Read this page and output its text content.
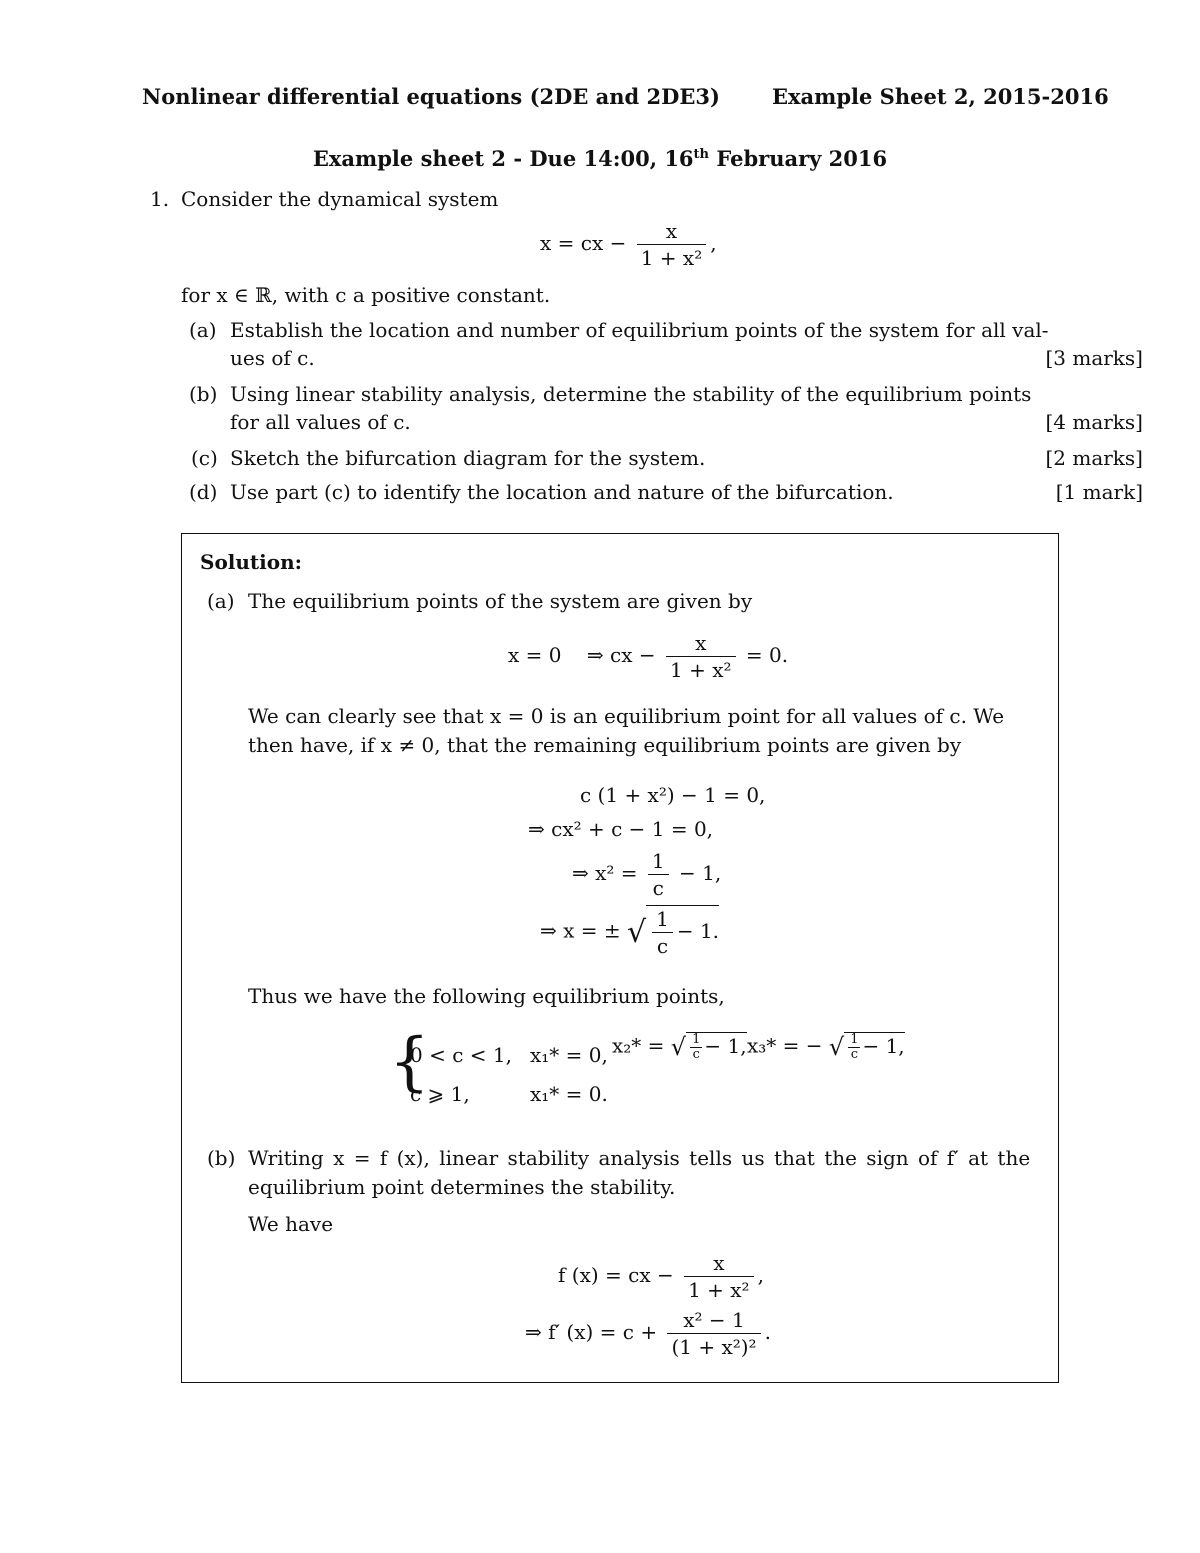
Nonlinear differential equations (2DE and 2DE3) Example Sheet 2, 2015-2016
Example sheet 2 - Due 14:00, 16th February 2016
1. Consider the dynamical system
x = cx − $\frac{x}{\text{1 + x²}}$ ,
for x ∈ ℝ, with c a positive constant.
(a) Establish the location and number of equilibrium points of the system for all val-
ues of c.	[3 marks]
(b) Using linear stability analysis, determine the stability of the equilibrium points
for all values of c.	[4 marks]
(c) Sketch the bifurcation diagram for the system.	[2 marks]
(d) Use part (c) to identify the location and nature of the bifurcation.	[1 mark]
Solution:
(a) The equilibrium points of the system are given by
x = 0 ⇒ cx − $\frac{x}{\text{1 + x²}} = 0$.
We can clearly see that x = 0 is an equilibrium point for all values of c. We
then have, if x ≠ 0, that the remaining equilibrium points are given by
c (1 + x²) − 1 = 0,
⇒ cx² + c − 1 = 0,
⇒ $x^2 = \frac{1}{c} - 1$,
⇒ x = ± √ $\frac{1}{c} - 1$.
Thus we have the following equilibrium points,
{
0 < c < 1, x₁* = 0, x₂* = √ $\frac{1}{c} - 1$, x₃* = − √ $\frac{1}{c} - 1$,
c ⩾ 1,	x₁* = 0.
(b) Writing x = f (x), linear stability analysis tells us that the sign of f′ at the
equilibrium point determines the stability.
We have
f (x) = cx − $\frac{x}{\text{1 + x²}}$ ,
⇒ f′ $(x) = c + \frac{\text{x² − 1}}{\text{(1 + x²)²}}$ .
